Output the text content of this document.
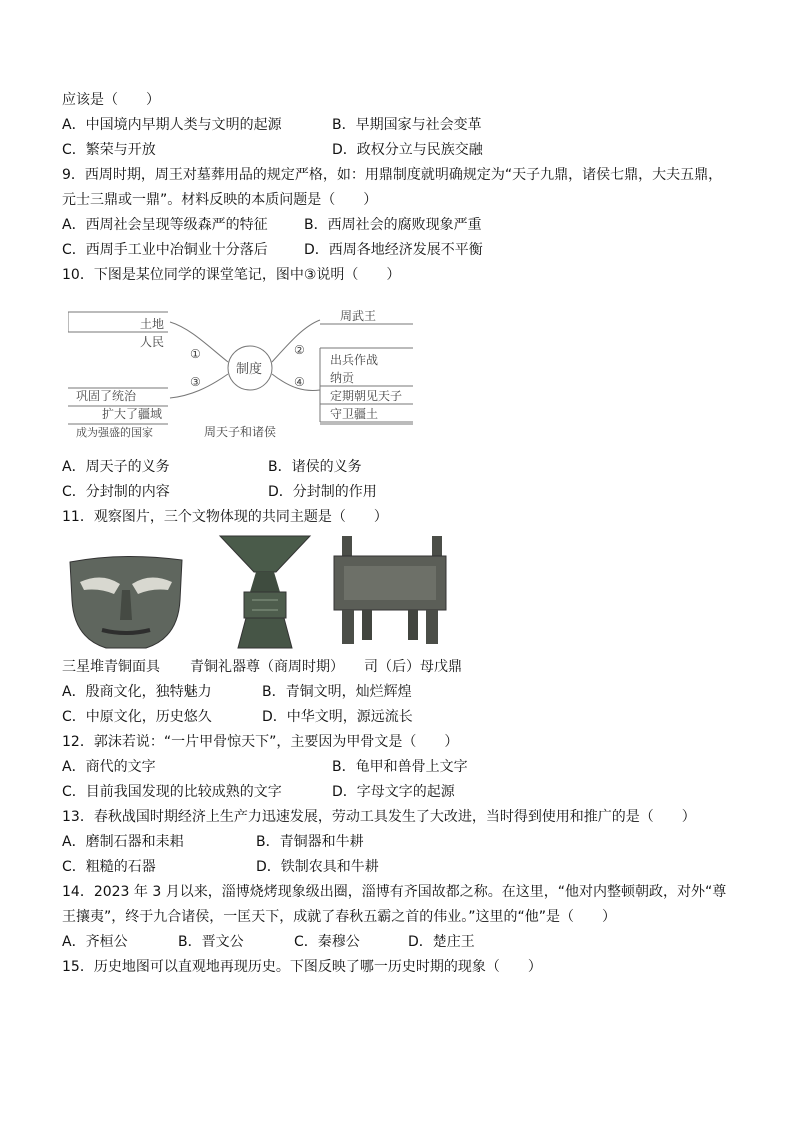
应该是（　　）
A．中国境内早期人类与文明的起源	B．早期国家与社会变革
C．繁荣与开放	D．政权分立与民族交融
9．西周时期，周王对墓葬用品的规定严格，如：用鼎制度就明确规定为“天子九鼎，诸侯七鼎，大夫五鼎，
元士三鼎或一鼎”。材料反映的本质问题是（　　）
A．西周社会呈现等级森严的特征	B．西周社会的腐败现象严重
C．西周手工业中冶铜业十分落后	D．西周各地经济发展不平衡
10．下图是某位同学的课堂笔记，图中③说明（　　）
土地
人民
巩固了统治
扩大了疆域
成为强盛的国家
制度
①	②
③	④
周武王
出兵作战
纳贡
定期朝见天子
守卫疆土
周天子和诸侯
A．周天子的义务	B．诸侯的义务
C．分封制的内容	D．分封制的作用
11．观察图片，三个文物体现的共同主题是（　　）
三星堆青铜面具 青铜礼器尊（商周时期） 司（后）母戊鼎
A．殷商文化，独特魅力	B．青铜文明，灿烂辉煌
C．中原文化，历史悠久	D．中华文明，源远流长
12．郭沫若说：“一片甲骨惊天下”，主要因为甲骨文是（　　）
A．商代的文字	B．龟甲和兽骨上文字
C．目前我国发现的比较成熟的文字	D．字母文字的起源
13．春秋战国时期经济上生产力迅速发展，劳动工具发生了大改进，当时得到使用和推广的是（　　）
A．磨制石器和耒耜	B．青铜器和牛耕
C．粗糙的石器	D．铁制农具和牛耕
14．2023 年 3 月以来，淄博烧烤现象级出圈，淄博有齐国故都之称。在这里，“他对内整顿朝政，对外“尊
王攘夷”，终于九合诸侯，一匡天下，成就了春秋五霸之首的伟业。”这里的“他”是（　　）
A．齐桓公	B．晋文公	C．秦穆公	D．楚庄王
15．历史地图可以直观地再现历史。下图反映了哪一历史时期的现象（　　）
